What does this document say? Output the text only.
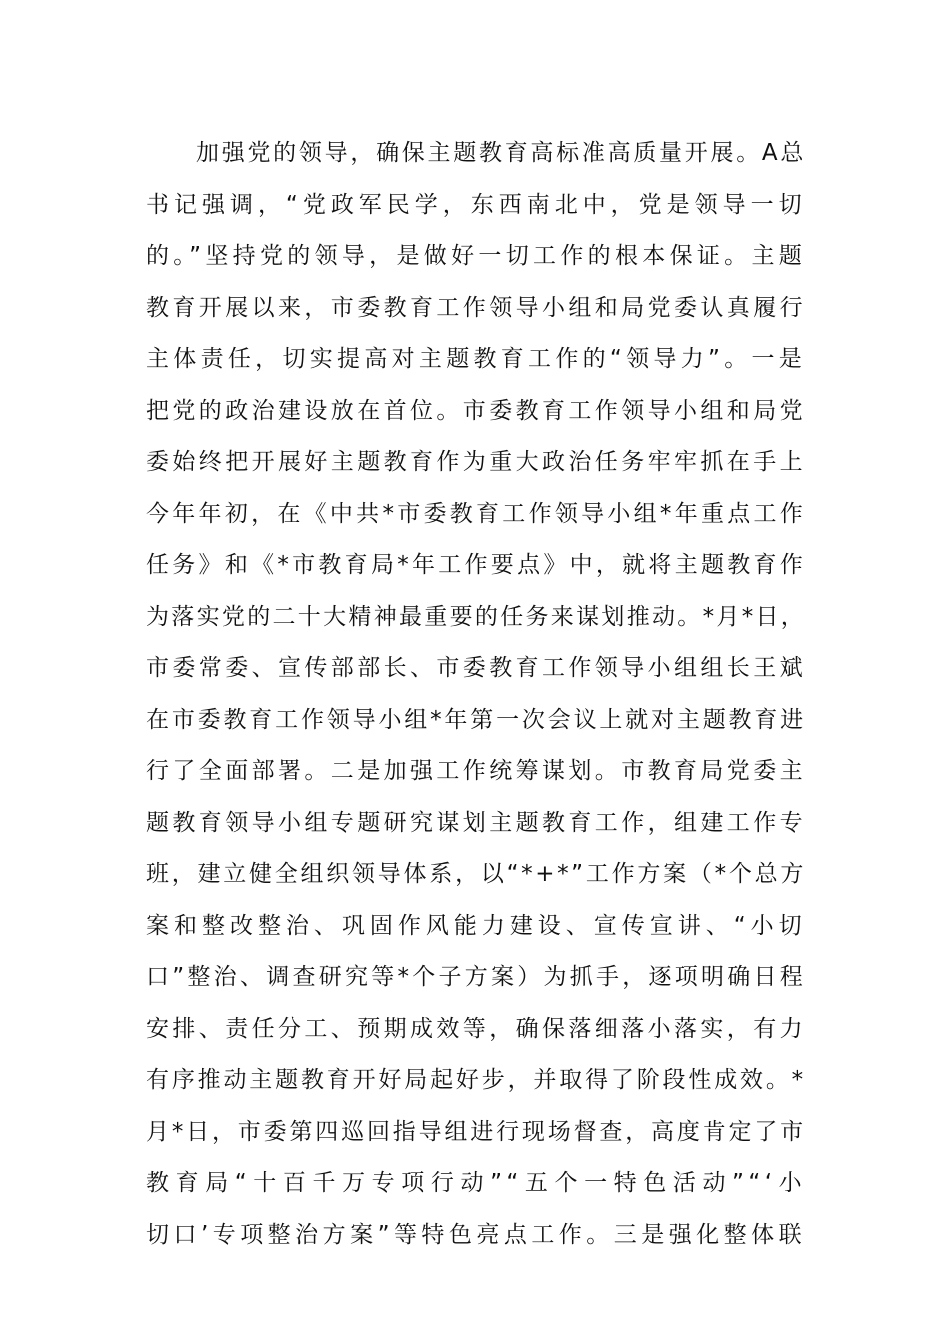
加强党的领导，确保主题教育高标准高质量开展。A总
书记强调，“党政军民学，东西南北中，党是领导一切
的。”坚持党的领导，是做好一切工作的根本保证。主题
教育开展以来，市委教育工作领导小组和局党委认真履行
主体责任，切实提高对主题教育工作的“领导力”。一是
把党的政治建设放在首位。市委教育工作领导小组和局党
委始终把开展好主题教育作为重大政治任务牢牢抓在手上
今年年初，在《中共*市委教育工作领导小组*年重点工作
任务》和《*市教育局*年工作要点》中，就将主题教育作
为落实党的二十大精神最重要的任务来谋划推动。*月*日，
市委常委、宣传部部长、市委教育工作领导小组组长王斌
在市委教育工作领导小组*年第一次会议上就对主题教育进
行了全面部署。二是加强工作统筹谋划。市教育局党委主
题教育领导小组专题研究谋划主题教育工作，组建工作专
班，建立健全组织领导体系，以“*+*”工作方案（*个总方
案和整改整治、巩固作风能力建设、宣传宣讲、“小切
口”整治、调查研究等*个子方案）为抓手，逐项明确日程
安排、责任分工、预期成效等，确保落细落小落实，有力
有序推动主题教育开好局起好步，并取得了阶段性成效。*
月*日，市委第四巡回指导组进行现场督查，高度肯定了市
教育局“十百千万专项行动”“五个一特色活动”“‘小
切口’专项整治方案”等特色亮点工作。三是强化整体联
